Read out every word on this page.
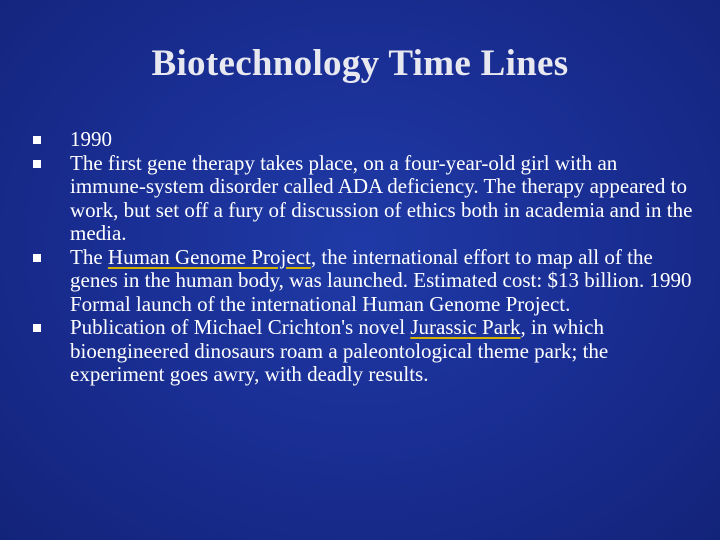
Biotechnology Time Lines
1990
The first gene therapy takes place, on a four-year-old girl with an immune-system disorder called ADA deficiency. The therapy appeared to work, but set off a fury of discussion of ethics both in academia and in the media.
The Human Genome Project, the international effort to map all of the genes in the human body, was launched. Estimated cost: $13 billion. 1990 Formal launch of the international Human Genome Project.
Publication of Michael Crichton's novel Jurassic Park, in which bioengineered dinosaurs roam a paleontological theme park; the experiment goes awry, with deadly results.
